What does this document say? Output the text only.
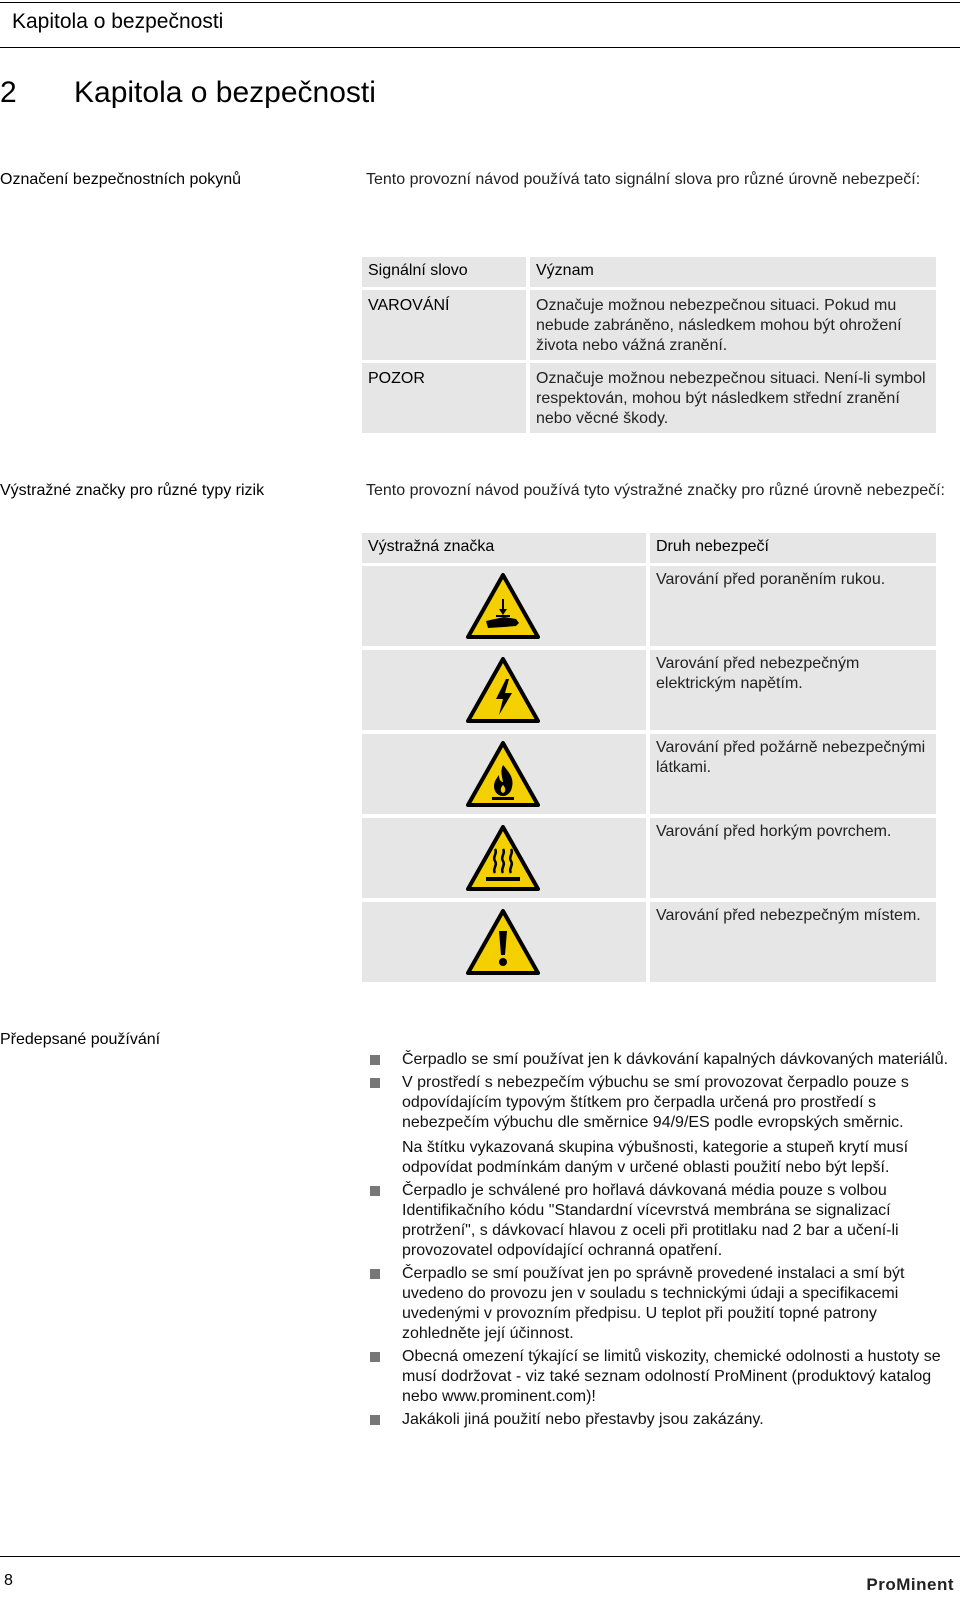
Kapitola o bezpečnosti
2 Kapitola o bezpečnosti
Označení bezpečnostních pokynů	Tento provozní návod používá tato signální slova pro různé úrovně nebezpečí:
Signální slovo	Význam
VAROVÁNÍ	Označuje možnou nebezpečnou situaci. Pokud mu nebude zabráněno, následkem mohou být ohrožení života nebo vážná zranění.
POZOR	Označuje možnou nebezpečnou situaci. Není-li symbol respektován, mohou být následkem střední zranění nebo věcné škody.
Výstražné značky pro různé typy rizik	Tento provozní návod používá tyto výstražné značky pro různé úrovně nebezpečí:
Výstražná značka	Druh nebezpečí
Varování před poraněním rukou.
Varování před nebezpečným elektrickým napětím.
Varování před požárně nebezpečnými látkami.
Varování před horkým povrchem.
Varování před nebezpečným místem.
Předepsané používání
Čerpadlo se smí používat jen k dávkování kapalných dávkovaných materiálů.
V prostředí s nebezpečím výbuchu se smí provozovat čerpadlo pouze s odpovídajícím typovým štítkem pro čerpadla určená pro prostředí s nebezpečím výbuchu dle směrnice 94/9/ES podle evropských směrnic.
Na štítku vykazovaná skupina výbušnosti, kategorie a stupeň krytí musí odpovídat podmínkám daným v určené oblasti použití nebo být lepší.
Čerpadlo je schválené pro hořlavá dávkovaná média pouze s volbou Identifikačního kódu "Standardní vícevrstvá membrána se signalizací protržení", s dávkovací hlavou z oceli při protitlaku nad 2 bar a učení-li provozovatel odpovídající ochranná opatření.
Čerpadlo se smí používat jen po správně provedené instalaci a smí být uvedeno do provozu jen v souladu s technickými údaji a specifikacemi uvedenými v provozním předpisu. U teplot při použití topné patrony zohledněte její účinnost.
Obecná omezení týkající se limitů viskozity, chemické odolnosti a hustoty se musí dodržovat - viz také seznam odolností ProMinent (produktový katalog nebo www.prominent.com)!
Jakákoli jiná použití nebo přestavby jsou zakázány.
8	ProMinent
